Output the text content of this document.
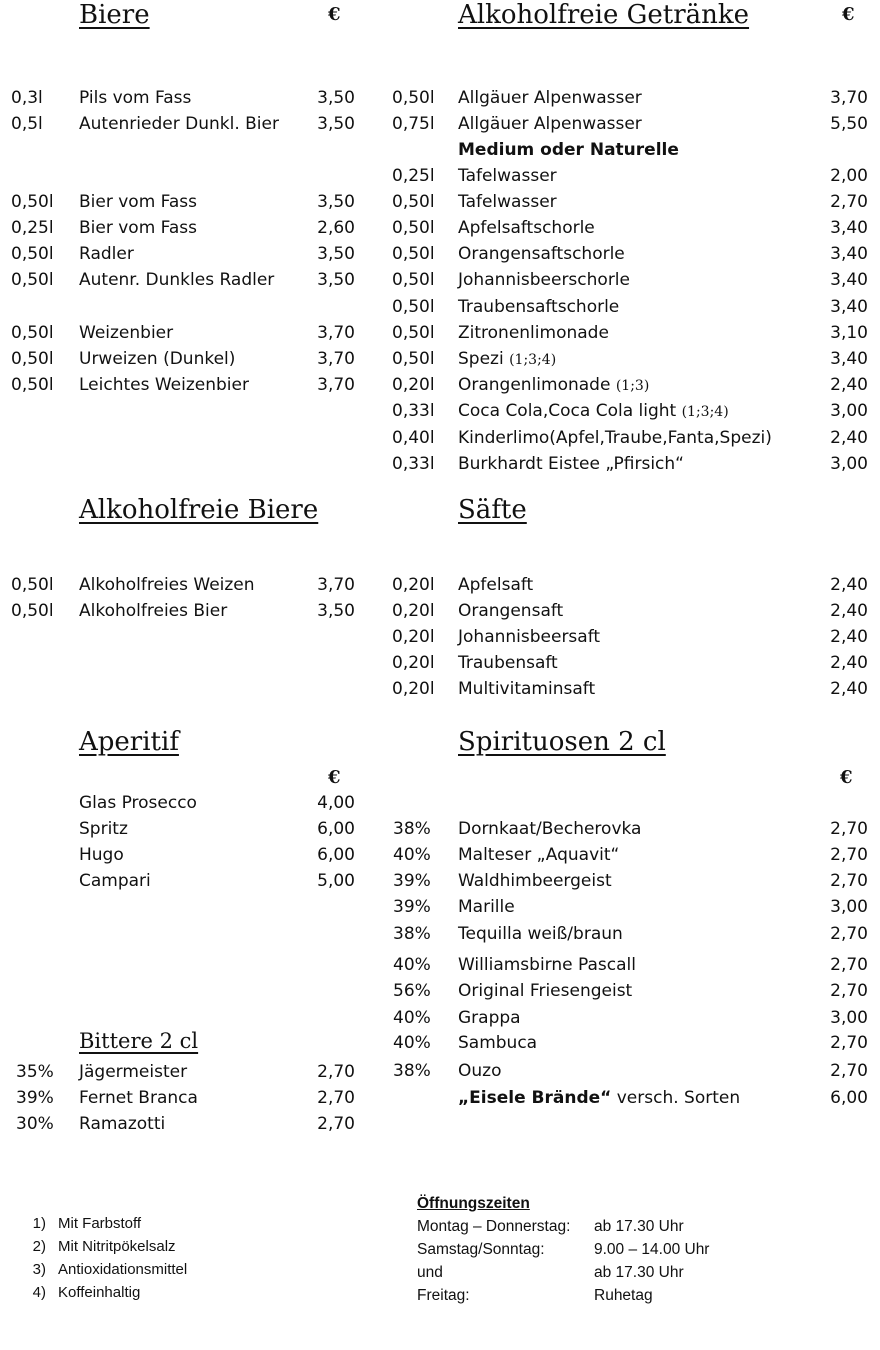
Biere	€	Alkoholfreie Getränke	€
Alkoholfreie Biere	Säfte
Aperitif	Spirituosen 2 cl
€	€
Bittere 2 cl
0,3l Pils vom Fass	3,50
0,5l Autenrieder Dunkl. Bier 3,50
0,50l Bier vom Fass	3,50
0,25l Bier vom Fass	2,60
0,50l Radler	3,50
0,50l Autenr. Dunkles Radler	3,50
0,50l Weizenbier	3,70
0,50l Urweizen (Dunkel)	3,70
0,50l Leichtes Weizenbier	3,70
0,50l Allgäuer Alpenwasser	3,70
0,75l Allgäuer Alpenwasser	5,50
Medium oder Naturelle
0,25l Tafelwasser	2,00
0,50l Tafelwasser	2,70
0,50l Apfelsaftschorle	3,40
0,50l Orangensaftschorle	3,40
0,50l Johannisbeerschorle	3,40
0,50l Traubensaftschorle	3,40
0,50l Zitronenlimonade	3,10
0,50l Spezi (1;3;4)	3,40
0,20l Orangenlimonade (1;3)	2,40
0,33l Coca Cola,Coca Cola light (1;3;4)	3,00
0,40l Kinderlimo(Apfel,Traube,Fanta,Spezi)	2,40
0,33l Burkhardt Eistee „Pfirsich“	3,00
0,50l Alkoholfreies Weizen	3,70
0,50l Alkoholfreies Bier	3,50
0,20l Apfelsaft	2,40
0,20l Orangensaft	2,40
0,20l Johannisbeersaft	2,40
0,20l Traubensaft	2,40
0,20l Multivitaminsaft	2,40
Glas Prosecco	4,00
Spritz	6,00
Hugo	6,00
Campari	5,00
38% Dornkaat/Becherovka	2,70
40% Malteser „Aquavit“	2,70
39% Waldhimbeergeist	2,70
39% Marille	3,00
38% Tequilla weiß/braun	2,70
40% Williamsbirne Pascall	2,70
56% Original Friesengeist	2,70
40% Grappa	3,00
40% Sambuca	2,70
38% Ouzo	2,70
35% Jägermeister	2,70
39% Fernet Branca	2,70
30% Ramazotti	2,70
„Eisele Brände“ versch. Sorten	6,00
1) Mit Farbstoff
2) Mit Nitritpökelsalz
3) Antioxidationsmittel
4) Koffeinhaltig
Öffnungszeiten
Montag – Donnerstag: ab 17.30 Uhr
Samstag/Sonntag:	9.00 – 14.00 Uhr
und	ab 17.30 Uhr
Freitag:	Ruhetag
